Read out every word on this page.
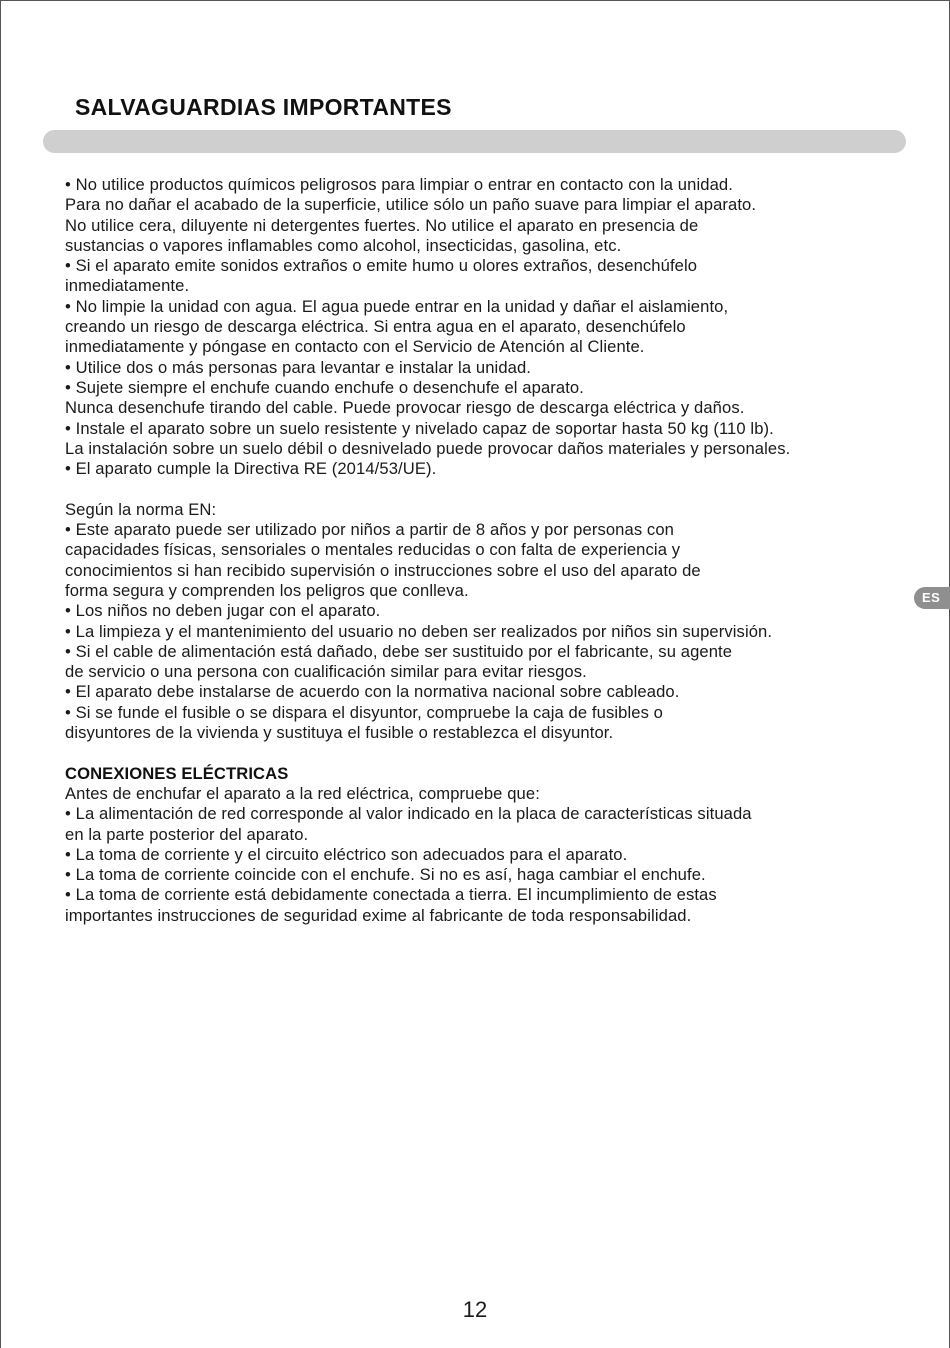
SALVAGUARDIAS IMPORTANTES
• No utilice productos químicos peligrosos para limpiar o entrar en contacto con la unidad.
Para no dañar el acabado de la superficie, utilice sólo un paño suave para limpiar el aparato.
No utilice cera, diluyente ni detergentes fuertes. No utilice el aparato en presencia de
sustancias o vapores inflamables como alcohol, insecticidas, gasolina, etc.
• Si el aparato emite sonidos extraños o emite humo u olores extraños, desenchúfelo
inmediatamente.
• No limpie la unidad con agua. El agua puede entrar en la unidad y dañar el aislamiento,
creando un riesgo de descarga eléctrica. Si entra agua en el aparato, desenchúfelo
inmediatamente y póngase en contacto con el Servicio de Atención al Cliente.
• Utilice dos o más personas para levantar e instalar la unidad.
• Sujete siempre el enchufe cuando enchufe o desenchufe el aparato.
Nunca desenchufe tirando del cable. Puede provocar riesgo de descarga eléctrica y daños.
• Instale el aparato sobre un suelo resistente y nivelado capaz de soportar hasta 50 kg (110 lb).
La instalación sobre un suelo débil o desnivelado puede provocar daños materiales y personales.
• El aparato cumple la Directiva RE (2014/53/UE).
Según la norma EN:
• Este aparato puede ser utilizado por niños a partir de 8 años y por personas con
capacidades físicas, sensoriales o mentales reducidas o con falta de experiencia y
conocimientos si han recibido supervisión o instrucciones sobre el uso del aparato de
forma segura y comprenden los peligros que conlleva.
• Los niños no deben jugar con el aparato.
• La limpieza y el mantenimiento del usuario no deben ser realizados por niños sin supervisión.
• Si el cable de alimentación está dañado, debe ser sustituido por el fabricante, su agente
de servicio o una persona con cualificación similar para evitar riesgos.
• El aparato debe instalarse de acuerdo con la normativa nacional sobre cableado.
• Si se funde el fusible o se dispara el disyuntor, compruebe la caja de fusibles o
disyuntores de la vivienda y sustituya el fusible o restablezca el disyuntor.
CONEXIONES ELÉCTRICAS
Antes de enchufar el aparato a la red eléctrica, compruebe que:
• La alimentación de red corresponde al valor indicado en la placa de características situada
en la parte posterior del aparato.
• La toma de corriente y el circuito eléctrico son adecuados para el aparato.
• La toma de corriente coincide con el enchufe. Si no es así, haga cambiar el enchufe.
• La toma de corriente está debidamente conectada a tierra. El incumplimiento de estas
importantes instrucciones de seguridad exime al fabricante de toda responsabilidad.
ES
12
